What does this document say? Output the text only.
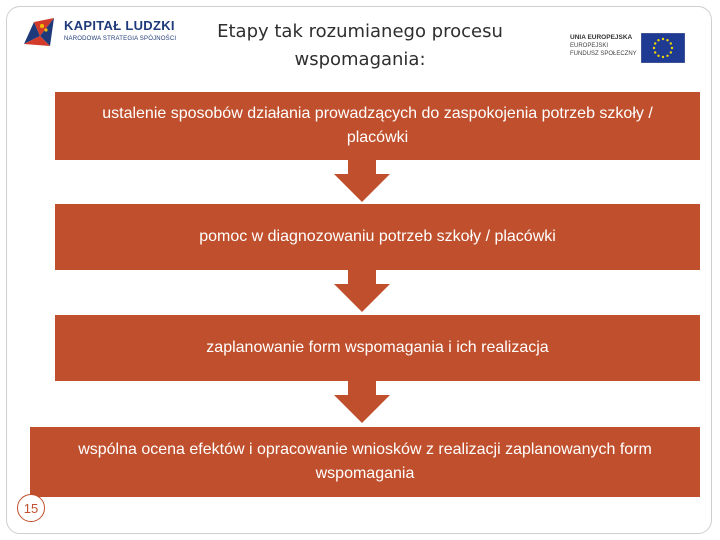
KAPITAŁ LUDZKI
NARODOWA STRATEGIA SPÓJNOŚCI	Etapy tak rozumianego procesu
wspomagania:
UNIA EUROPEJSKA
EUROPEJSKI
FUNDUSZ SPOŁECZNY
ustalenie sposobów działania prowadzących do zaspokojenia potrzeb szkoły / placówki
pomoc w diagnozowaniu potrzeb szkoły / placówki
zaplanowanie form wspomagania i ich realizacja
wspólna ocena efektów i opracowanie wniosków z realizacji zaplanowanych form wspomagania
15
